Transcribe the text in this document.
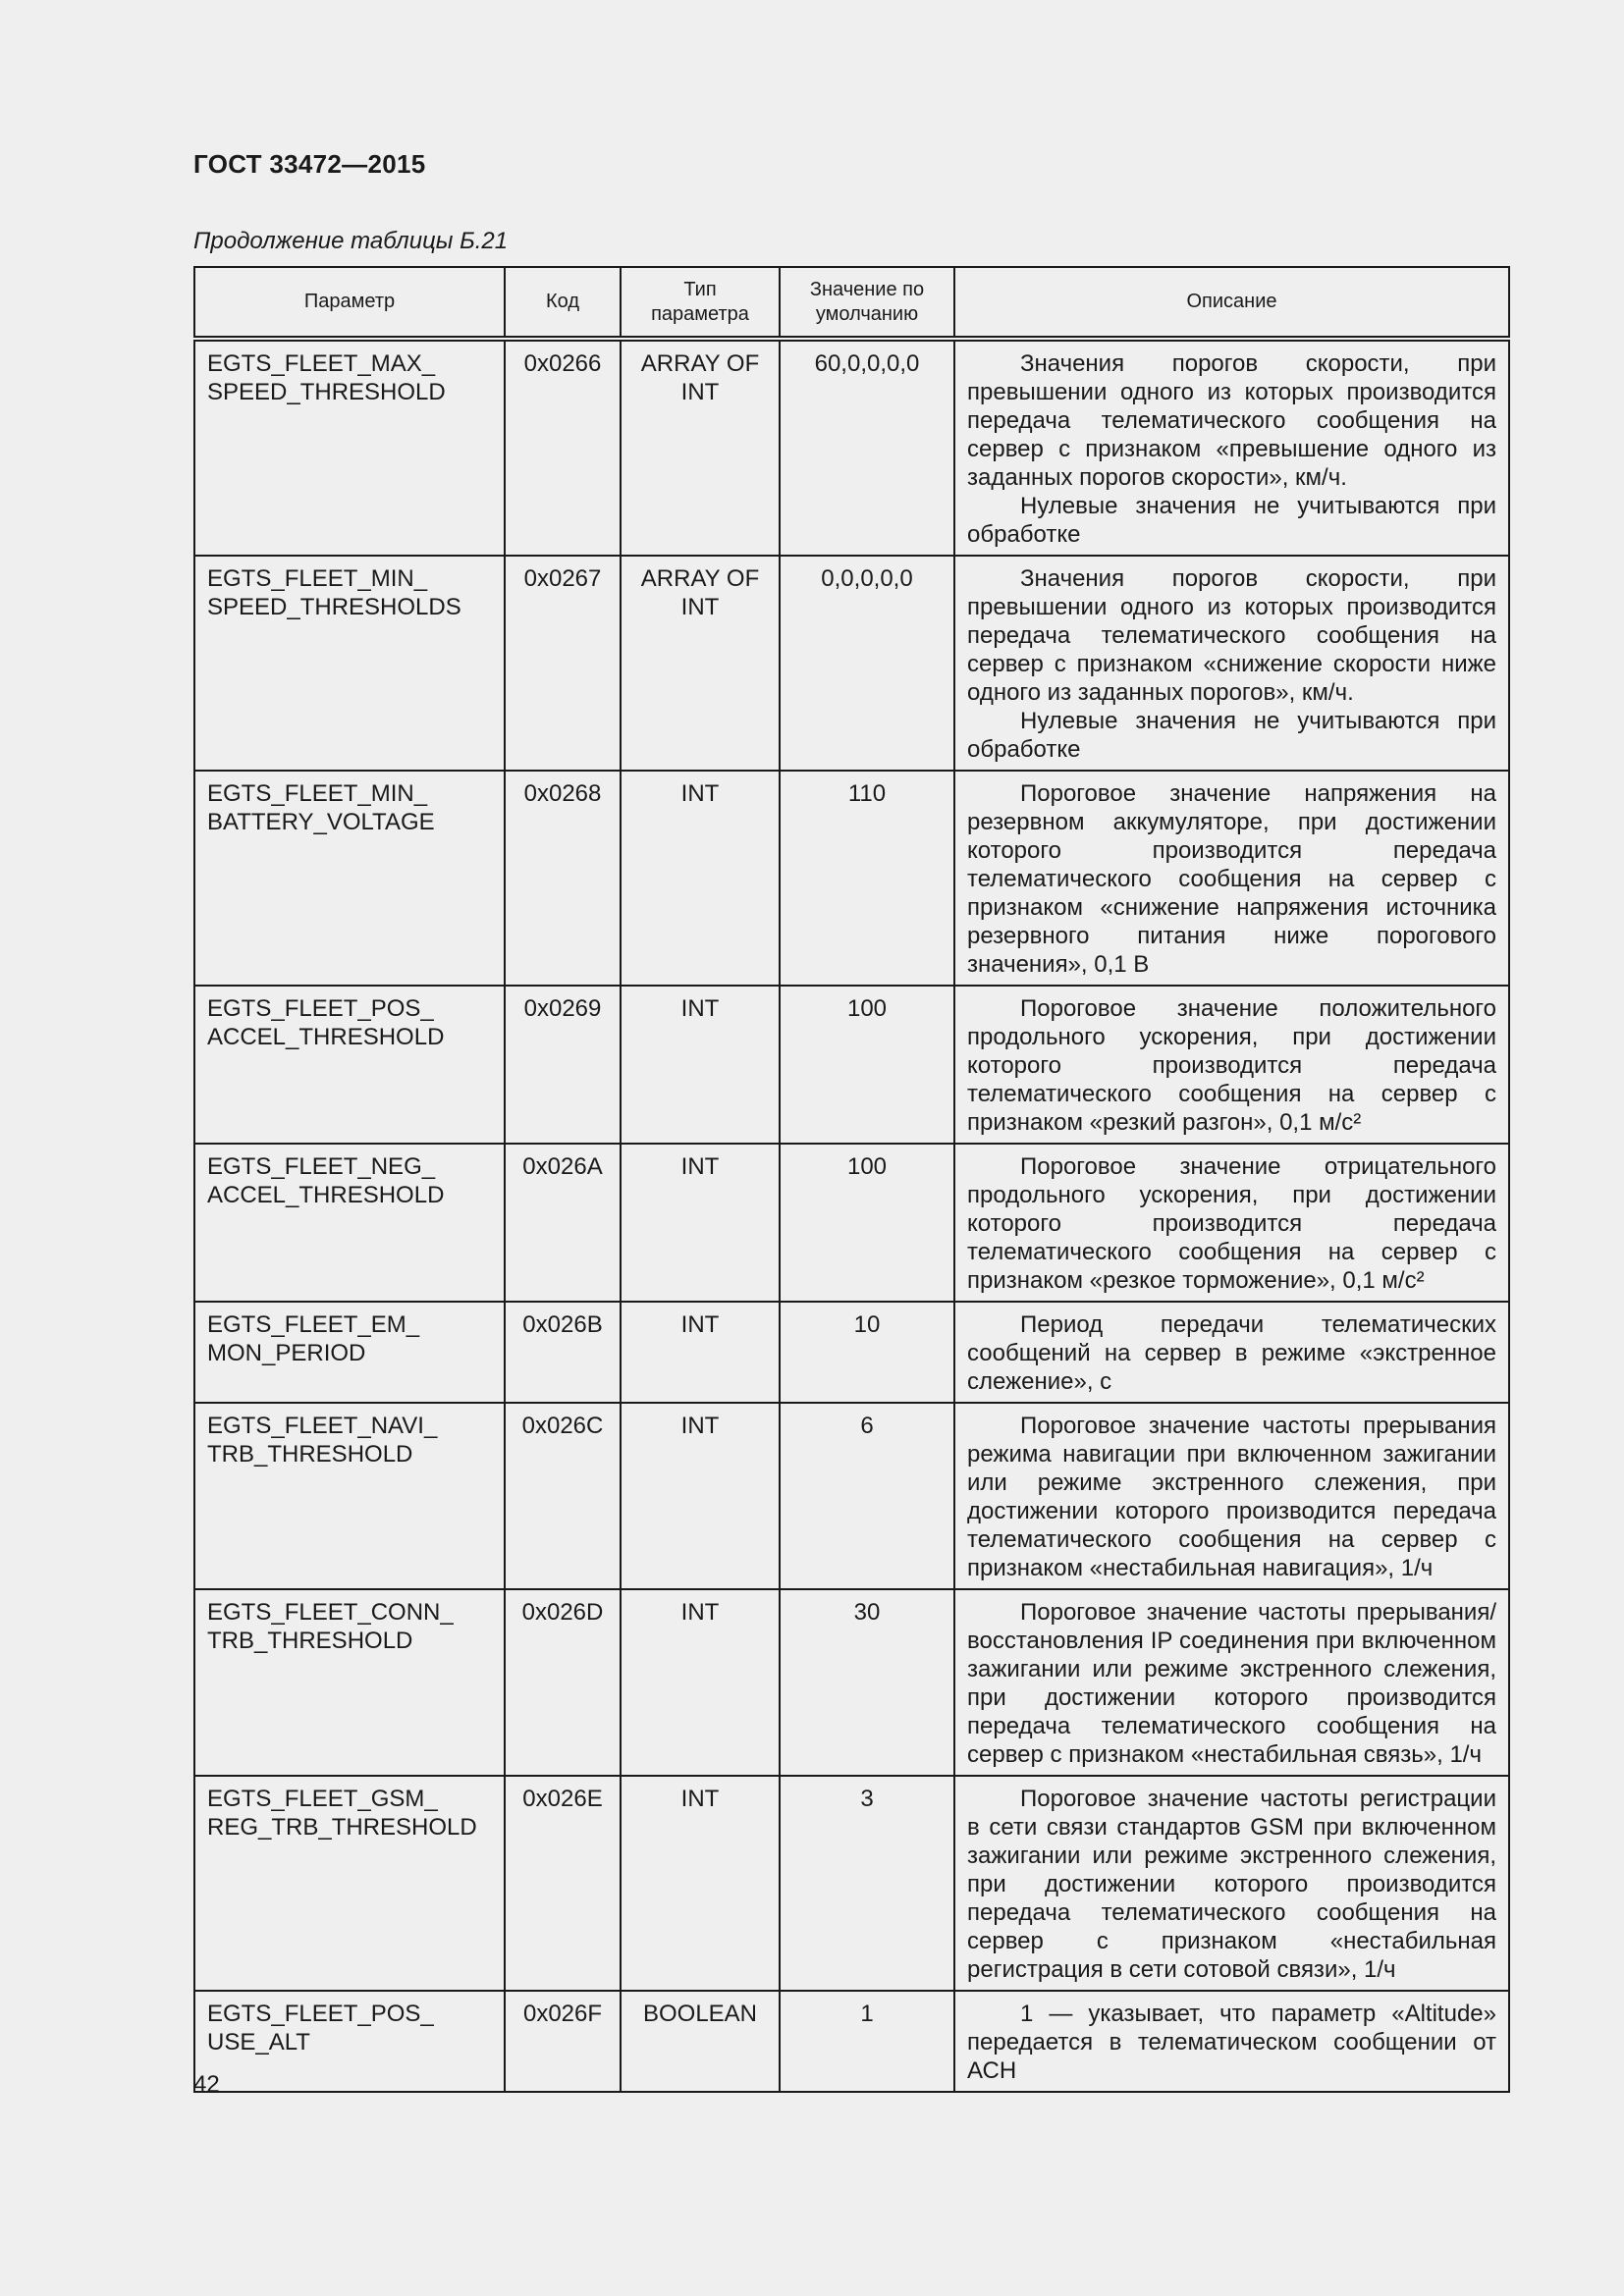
ГОСТ 33472—2015
Продолжение таблицы Б.21
Параметр	Код	Тип параметра	Значение по умолчанию	Описание
EGTS_FLEET_MAX_ SPEED_THRESHOLD	0x0266	ARRAY OF INT	60,0,0,0,0	Значения порогов скорости, при превышении одного из которых производится передача телематического сообщения на сервер с признаком «превышение одного из заданных порогов скорости», км/ч.

Нулевые значения не учитываются при обработке

EGTS_FLEET_MIN_ SPEED_THRESHOLDS	0x0267	ARRAY OF INT	0,0,0,0,0	Значения порогов скорости, при превышении одного из которых производится передача телематического сообщения на сервер с признаком «снижение скорости ниже одного из заданных порогов», км/ч.

Нулевые значения не учитываются при обработке

EGTS_FLEET_MIN_ BATTERY_VOLTAGE	0x0268	INT	110	Пороговое значение напряжения на резервном аккумуляторе, при достижении которого производится передача телематического сообщения на сервер с признаком «снижение напряжения источника резервного питания ниже порогового значения», 0,1 В

EGTS_FLEET_POS_ ACCEL_THRESHOLD	0x0269	INT	100	Пороговое значение положительного продольного ускорения, при достижении которого производится передача телематического сообщения на сервер с признаком «резкий разгон», 0,1 м/с²

EGTS_FLEET_NEG_ ACCEL_THRESHOLD	0x026A	INT	100	Пороговое значение отрицательного продольного ускорения, при достижении которого производится передача телематического сообщения на сервер с признаком «резкое торможение», 0,1 м/с²

EGTS_FLEET_EM_ MON_PERIOD	0x026B	INT	10	Период передачи телематических сообщений на сервер в режиме «экстренное слежение», с

EGTS_FLEET_NAVI_ TRB_THRESHOLD	0x026C	INT	6	Пороговое значение частоты прерывания режима навигации при включенном зажигании или режиме экстренного слежения, при достижении которого производится передача телематического сообщения на сервер с признаком «нестабильная навигация», 1/ч

EGTS_FLEET_CONN_ TRB_THRESHOLD	0x026D	INT	30	Пороговое значение частоты прерывания/ восстановления IP соединения при включенном зажигании или режиме экстренного слежения, при достижении которого производится передача телематического сообщения на сервер с признаком «нестабильная связь», 1/ч

EGTS_FLEET_GSM_ REG_TRB_THRESHOLD	0x026E	INT	3	Пороговое значение частоты регистрации в сети связи стандартов GSM при включенном зажигании или режиме экстренного слежения, при достижении которого производится передача телематического сообщения на сервер с признаком «нестабильная регистрация в сети сотовой связи», 1/ч

EGTS_FLEET_POS_ USE_ALT	0x026F	BOOLEAN	1	1 — указывает, что параметр «Altitude» передается в телематическом сообщении от АСН

42
